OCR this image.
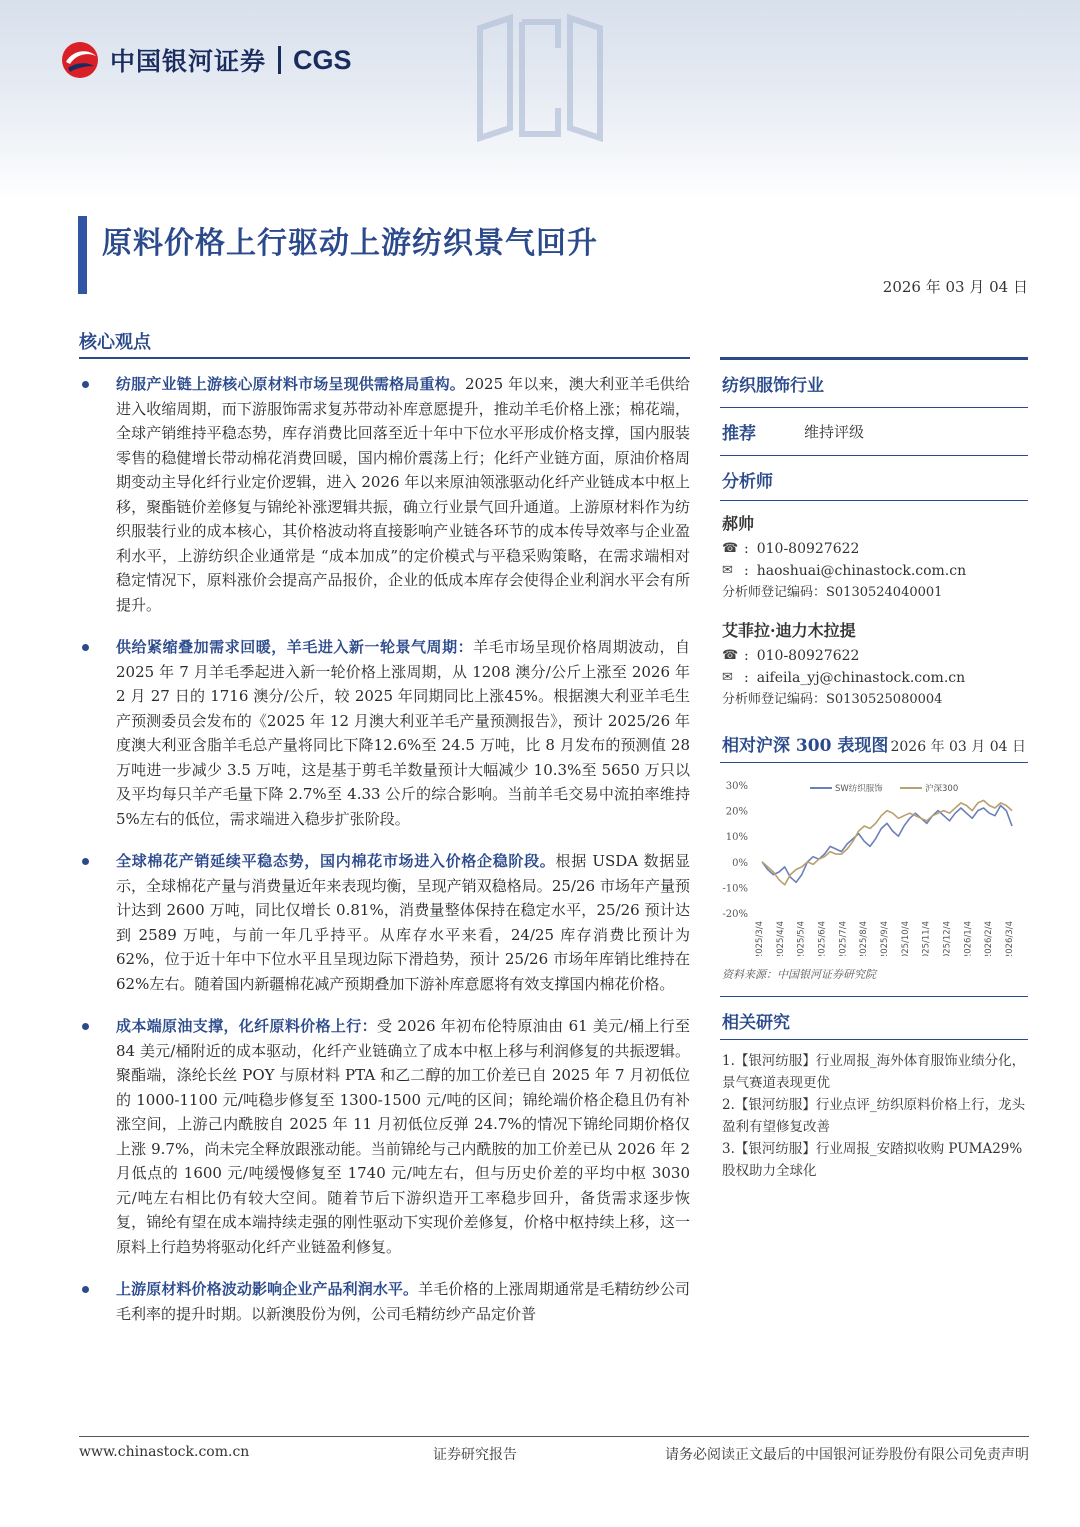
中国银河证券 CGS
原料价格上行驱动上游纺织景气回升
2026 年 03 月 04 日
核心观点
纺服产业链上游核心原材料市场呈现供需格局重构。2025 年以来，澳大利亚羊毛供给进入收缩周期，而下游服饰需求复苏带动补库意愿提升，推动羊毛价格上涨；棉花端，全球产销维持平稳态势，库存消费比回落至近十年中下位水平形成价格支撑，国内服装零售的稳健增长带动棉花消费回暖，国内棉价震荡上行；化纤产业链方面，原油价格周期变动主导化纤行业定价逻辑，进入 2026 年以来原油领涨驱动化纤产业链成本中枢上移，聚酯链价差修复与锦纶补涨逻辑共振，确立行业景气回升通道。上游原材料作为纺织服装行业的成本核心，其价格波动将直接影响产业链各环节的成本传导效率与企业盈利水平，上游纺织企业通常是 “成本加成”的定价模式与平稳采购策略，在需求端相对稳定情况下，原料涨价会提高产品报价，企业的低成本库存会使得企业利润水平会有所提升。
供给紧缩叠加需求回暖，羊毛进入新一轮景气周期：羊毛市场呈现价格周期波动，自 2025 年 7 月羊毛季起进入新一轮价格上涨周期，从 1208 澳分/公斤上涨至 2026 年 2 月 27 日的 1716 澳分/公斤，较 2025 年同期同比上涨45%。根据澳大利亚羊毛生产预测委员会发布的《2025 年 12 月澳大利亚羊毛产量预测报告》，预计 2025/26 年度澳大利亚含脂羊毛总产量将同比下降12.6%至 24.5 万吨，比 8 月发布的预测值 28 万吨进一步减少 3.5 万吨，这是基于剪毛羊数量预计大幅减少 10.3%至 5650 万只以及平均每只羊产毛量下降 2.7%至 4.33 公斤的综合影响。当前羊毛交易中流拍率维持 5%左右的低位，需求端进入稳步扩张阶段。
全球棉花产销延续平稳态势，国内棉花市场进入价格企稳阶段。根据 USDA 数据显示，全球棉花产量与消费量近年来表现均衡，呈现产销双稳格局。25/26 市场年产量预计达到 2600 万吨，同比仅增长 0.81%，消费量整体保持在稳定水平，25/26 预计达到 2589 万吨，与前一年几乎持平。从库存水平来看，24/25 库存消费比预计为 62%，位于近十年中下位水平且呈现边际下滑趋势，预计 25/26 市场年库销比维持在 62%左右。随着国内新疆棉花减产预期叠加下游补库意愿将有效支撑国内棉花价格。
成本端原油支撑，化纤原料价格上行：受 2026 年初布伦特原油由 61 美元/桶上行至 84 美元/桶附近的成本驱动，化纤产业链确立了成本中枢上移与利润修复的共振逻辑。聚酯端，涤纶长丝 POY 与原材料 PTA 和乙二醇的加工价差已自 2025 年 7 月初低位的 1000-1100 元/吨稳步修复至 1300-1500 元/吨的区间；锦纶端价格企稳且仍有补涨空间，上游己内酰胺自 2025 年 11 月初低位反弹 24.7%的情况下锦纶同期价格仅上涨 9.7%，尚未完全释放跟涨动能。当前锦纶与己内酰胺的加工价差已从 2026 年 2 月低点的 1600 元/吨缓慢修复至 1740 元/吨左右，但与历史价差的平均中枢 3030 元/吨左右相比仍有较大空间。随着节后下游织造开工率稳步回升，备货需求逐步恢复，锦纶有望在成本端持续走强的刚性驱动下实现价差修复，价格中枢持续上移，这一原料上行趋势将驱动化纤产业链盈利修复。
上游原材料价格波动影响企业产品利润水平。羊毛价格的上涨周期通常是毛精纺纱公司毛利率的提升时期。以新澳股份为例，公司毛精纺纱产品定价普
纺织服饰行业
推荐	维持评级
分析师
郝帅
☎ : 010-80927622
✉ : haoshuai@chinastock.com.cn
分析师登记编码：S0130524040001
艾菲拉·迪力木拉提
☎ : 010-80927622
✉ : aifeila_yj@chinastock.com.cn
分析师登记编码：S0130525080004
相对沪深 300 表现图 2026 年 03 月 04 日
30%
20%
10%
0%
-10%
-20%
2025/3/4 2025/4/4 2025/5/4 2025/6/4 2025/7/4 2025/8/4 2025/9/4 2025/10/4 2025/11/4 2025/12/4 2026/1/4 2026/2/4 2026/3/4
SW纺织服饰	沪深300
资料来源：中国银河证券研究院
相关研究
1.【银河纺服】行业周报_海外体育服饰业绩分化，景气赛道表现更优
2.【银河纺服】行业点评_纺织原料价格上行，龙头盈利有望修复改善
3.【银河纺服】行业周报_安踏拟收购 PUMA29%股权助力全球化
www.chinastock.com.cn	证券研究报告	请务必阅读正文最后的中国银河证券股份有限公司免责声明
